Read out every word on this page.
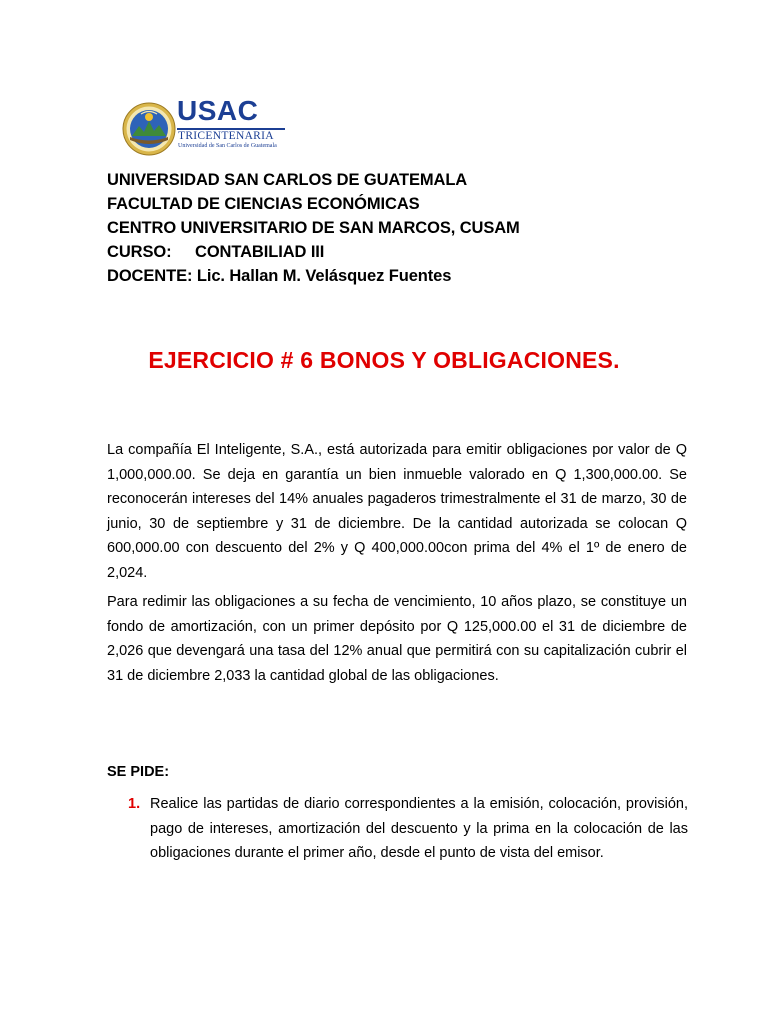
USAC
TRICENTENARIA
Universidad de San Carlos de Guatemala
UNIVERSIDAD SAN CARLOS DE GUATEMALA
FACULTAD DE CIENCIAS ECONÓMICAS
CENTRO UNIVERSITARIO DE SAN MARCOS, CUSAM
CURSO: CONTABILIAD III
DOCENTE: Lic. Hallan M. Velásquez Fuentes
EJERCICIO # 6 BONOS Y OBLIGACIONES.

La compañía El Inteligente, S.A., está autorizada para emitir obligaciones por valor de Q 1,000,000.00. Se deja en garantía un bien inmueble valorado en Q 1,300,000.00. Se reconocerán intereses del 14% anuales pagaderos trimestralmente el 31 de marzo, 30 de junio, 30 de septiembre y 31 de diciembre. De la cantidad autorizada se colocan Q 600,000.00 con descuento del 2% y Q 400,000.00con prima del 4% el 1º de enero de 2,024.

Para redimir las obligaciones a su fecha de vencimiento, 10 años plazo, se constituye un fondo de amortización, con un primer depósito por Q 125,000.00 el 31 de diciembre de 2,026 que devengará una tasa del 12% anual que permitirá con su capitalización cubrir el 31 de diciembre 2,033 la cantidad global de las obligaciones.

SE PIDE:
1. Realice las partidas de diario correspondientes a la emisión, colocación, provisión, pago de intereses, amortización del descuento y la prima en la colocación de las obligaciones durante el primer año, desde el punto de vista del emisor.
